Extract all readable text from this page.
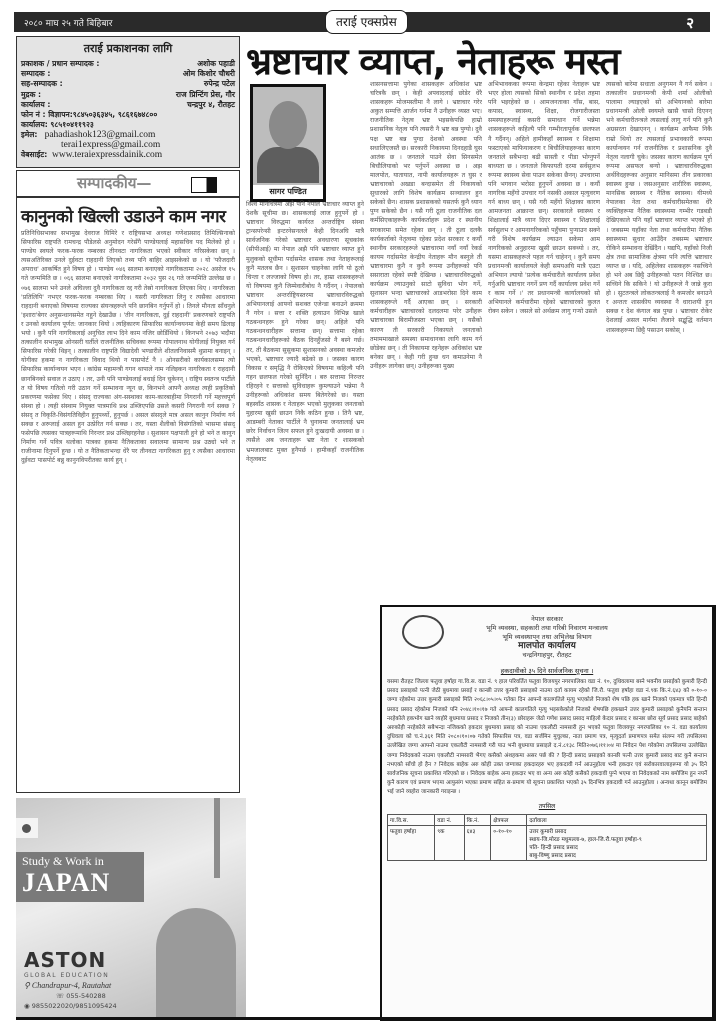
२०८० माघ २५ गते बिहिबार	तराई एक्सप्रेस	२
तराई प्रकाशनका लागि
प्रकाशक / प्रधान सम्पादक :	अशोक पहाडी
सम्पादक :	ओम किशोर चौधरी
सह-सम्पादक :	रुपेन्द्र पटेल
मुद्रक :	राज प्रिन्टिंग प्रेस, गौर
कार्यालय :	चन्द्रपुर ४, रौतहट
फोन नं : विज्ञापन:९८४५०३६३४५, ९८६१६७४८००
कार्यालय: ९८५१०४११९२३
इमेल: pahadiashok123@gmail.com
terai1express@gmail.com
वेबसाईट: www.teraiexpressdainik.com
सम्पादकीय—
कानुनको खिल्ली उडाउने काम नगर
प्रतिनिधिसभाका सभामुख देवराज घिमिरे र राष्ट्रियसभा अध्यक्ष गणेशप्रसाद तिमिल्सिनाको सिफारिस राष्ट्रपति रामचन्द्र पौडेलसे अनुमोदन गरेसँगै पाण्डेयलाई महासचिव पद मिलेको हो । पाण्डेय स्वयले फरक-फरक नम्बरका तीनवटा नागरिकता भएको स्वीकार गरिसकेका छन् । त्यसअतिरिक्त उनले दुईवटा राहदानी लिएको तथ्य पनि बाहिर आइसकेको छ । यो 'फौजदारी अपराध' आकर्षित हुने विषय हो । पाण्डेय ०४६ सालमा बनाएको नागरिकतामा २०२८ असोज १५ गते जन्ममिति छ । ०६६ सालमा बनाएको नागरिकतामा २०३२ पुस २६ गते जन्ममिति उल्लेख छ । ०७६ सालमा भने उनले अघिल्ला दुवै नागरिकता रद्द गरी तेस्रो नागरिकता लिएका थिए । नागरिकता 'प्रतिलिपि' नभएर फरक-फरक नम्बरका थिए । यसरी नागरिकता लिनु र त्यसैका आधारमा राहदानी बनाएको विषयमा राज्यका संयन्त्रहरूले पनि छानबिन गर्नुपर्ने हो । तिनले मौनता साँधनुले 'इशारा'बेगर अनुसन्धानसमेत नहुने देखाउँछ । 'तीन नागरिकता, दुई राहदानी' प्रकरणबारे राष्ट्रपति र उनको कार्यालय पूर्णत: जानकार थियो । त्यहिकारण सिफारिस कार्यान्वयनमा केही समय ढिलाइ भयो । कुनै पनि नागरिकलाई अनुचित लाभ दिने काम नजिर छोडिँथियो । किनभने २०७३ भदौमा तत्कालीन सभामुख ओनसरी घर्तीले राजनीतिक सचिवका रूपमा गोपालनाथ योगीलाई नियुक्त गर्न सिफारिस गरेकी थिइन् । तत्कालीन राष्ट्रपति विद्यादेवी भण्डारीले शीतलनिवासमै थुप्रामा बनाइन् । योगीका हकमा न नागरिकता विवाद थियो न पासपोर्ट नै । ओनसरीको कार्यकालसम्म त्यो सिफारिस कार्यान्वयन भएन । कांग्रेस महामन्त्री गगन थापाले नाम नलिइकन नागरिकता र राहदानी छानबिनको सवाल त उठाए । तर, उनी पनि पाण्डेयलाई बधाई दिन चुकेनन् । राष्ट्रिय स्वतन्त्र पार्टीले त यो विषय गतिलो गरी उठान गर्ने सम्भावना न्यून छ, किनभने आफ्नै अध्यक्ष त्यही प्रकृतिको प्रकरणमा फसेका थिए । संसद् राज्यका अंग-सस्थाका काम-कारबाहीमा निगरानी गर्ने महत्त्वपूर्ण संस्था हो । त्यही संस्थाम नियुक्त पात्रमाथि प्रश्न उब्जिएपछि उसले कसरी निगरानी गर्न सक्छ ? संसद् त विकृति-विसंगतिविहीन हुनुपर्थ्यो, हुनुपर्छ । असल संसद्ले मात्र असल कानुन निर्माण गर्न सक्छ र अरूलाई असल हुन उत्प्रेरित गर्न सक्छ । तर, यस्ता शैलीको विसंगतिको भासमा संसद् फसेपछि त्यसका पात्रहरूमाथि निरन्तर प्रश्न उब्जिइरहनेछ । सुशासन पक्षपाती हुने हो भने त कानुन निर्माण गर्ने पवित्र थलोका पात्रका हकमा नैतिकताका सवालमा सामान्य प्रश्न उठ्यो भने त राजीनामा दिनुपर्ने हुन्छ । यो त नैतिकताभन्दा धेरै पर तीनवटा नागरिकता हुनु र त्यसैका आधारमा दुईवटा पासपोर्ट बन्नु कानुनविपरीतका कार्य हुन् ।
Study & Work in
JAPAN
ASTON
GLOBAL EDUCATION
⚲ Chandrapur-4, Rautahat
☏ 055-540288
◉ 9855022020/9851095424
भ्रष्टाचार व्याप्त, नेताहरू मस्त
सागर पण्डित
विश्व मानचित्रमा अझै पनि नेपाल भ्रष्टाचार व्याप्त हुने देशकै सूचीमा छ। शासकलाई लाज हुनुपर्ने हो । भ्रष्टाचार विरुद्धमा कार्यरत अन्तर्राष्ट्रिय संस्था ट्रान्सपरेन्सी इन्टरनेसनलले केही दिनअघि मात्रै सार्वजनिक गरेको भ्रष्टाचार अवधारणा सूचकांक (सीपीआई) मा नेपाल अझै पनि भ्रष्टाचार व्याप्त हुने मुलुकको सूचीमा पर्दासमेत शासक तथा नेताहरूलाई कुनै मतलब छैन । सुशासन चाहनेका लागि यो ठूलो चिन्ता र लज्जाको विषय हो। तर, हाम्रा शासकहरूले यो विषयमा कुनै जिम्मेवारीबोध नै गर्दैनन् । नेपालको भ्रष्टाचार अन्तर्राष्ट्रियस्तरमा भ्रष्टाचारविरुद्धको अभियानलाई आफ्नो सशक्त एजेन्डा बनाउने क्रममा नै गरेन । सत्ता र शक्ति हत्याउन विभिन्न खाले गठबन्धनहरू हुने गरेका छन्। अहिले पनि गठबन्धनधारीहरू सत्तामा छन्। सत्तामा रहेका गठबन्धनधारीहरूको बैठक दिनहुँजसो नै बस्ने गर्छ। तर, ती बैठकमा सुसुकमा सुशासनको अवस्था कमजोर भएको, भ्रष्टाचार ज्यादै बढेको छ । जसका कारण विकास र समृद्धि नै रोकिएको विषयमा कहिल्यै पनि गहन छलफल गरेको सुनिँदैन । बरु सत्तामा निरन्तर रहिरहने र सत्ताको सुविधाहरू कुम्ल्याउने भन्नेमा नै उनीहरूको अधिकांश समय बितेगरेको छ। यस्ता बहस्वाँठ शासक र नेताहरू भएको मुलुकका जनताको मुहारमा खुसी छाउन निकै कठिन हुन्छ । तिनै भ्रष्ट, आडम्बरी नेताका पार्टीले नै चुनावमा जनतालाई भ्रम छरेर निर्वाचन जित्न सफल हुने दुःखदायी अवस्था छ । त्यसैले अब जनताहरू भ्रष्ट नेता र शासकको भ्रमजालबाट मुक्त हुनैपर्छ । हामीकहाँ राजनीतिक नेतृत्वबाट
शासनसत्तामा पुगेका शासकहरू अधिकांश भ्रष्ट चरित्रकै छन् । केही अपवादलाई छोडेर धेरै शासकहरू मोजमस्तीमा नै लागे । भ्रष्टाचार गरेर अकुत सम्पत्ति आर्जन गर्नमा नै उनीहरू व्यस्त भए। राजनीतिक नेतृत्व भ्रष्ट भइसकेपछि हाम्रो प्रशासनिक नेतृत्व पनि त्यसरी नै भ्रष्ट बन्न पुग्यो। दुवै पक्ष भ्रष्ट बन्न पुग्दा देशको अवस्था पनि सधालिएजस्तै छ। सरकारी निकायमा दिनदहाडै घुस आतंक छ । जनताले पाउने सेवा सिनसमेत बिचौलियाको भर पर्नुपर्ने अवस्था छ । अझ मालपोत, यातायात, नापी कार्यालयहरू त घुस र भ्रष्टाचारको अखडा बन्दासमेत ती निकायको सुधारको लागि विशेष कार्यक्रम सञ्चालन हुन सकेको छैन। शासक प्रशासकको यसतर्फ कुनै ध्यान पुग्न सकेको छैन । यसै गरी ठूला राजनीतिक दल कर्मसिएकाहरूकै कार्यकर्ताहरू प्रदेश र स्थानीय सरकारमा समेत रहेका छन् । ती ठूला दलकै कार्यकर्ताको नेतृत्वमा रहेका प्रदेश सरकार र कयौं स्थानीय सरकारहरूले भ्रष्टाचारमा नयाँ नयाँ रेकर्ड कायम गर्दासमेत केन्द्रीय नेताहरू मौन बस्नुले ती भ्रष्टाचारमा कुनै न कुनै रूपमा उनीहरूको पनि ससाराता रहेको स्पष्टै देखिन्छ । भ्रष्टाचारविरुद्धको कार्यक्रम ल्याउनुको साटो सुविधा भोग गर्ने, सुशासन भन्दा भ्रष्टाचारको आडभरोसा दिने काम शासकहरूले गर्दै आएका छन् । सरकारी कर्मचारीहरू भ्रष्टाचारको दलदलमा परेर उनीहरू भ्रष्टाचारका बिरामीजस्ता भएका छन् । यसैको कारण ती सरकारी निकायले जनताको तमाममाखाले समस्या समाधानका लागि काम गर्न छोडेका छन् । ती निकायमा रहनेहरू अधिकांश भ्रष्ट बनेका छन् । केही गरी हुन्छ धन कमाउनेमा नै उनीहरू लागेका छन्। उनीहरूका मुख्य
अभिभावकका रूपमा केन्द्रमा रहेका नेताहरू भ्रष्ट भएर होला त्यसको सिको स्थानीय र प्रदेश तहमा पनि भइरहेको छ । आमजनताका गाँस, बास, कपास, स्वास्थ्य, शिक्षा, रोजगारीजस्ता समस्याहरूलाई कसरी समाधान गर्ने भन्नेमा शासकहरूले कहिल्यै पनि गम्भीरतापूर्वक छलफल नै गर्दैनन्। अहिले हामीकहाँ स्वास्थ्य र शिक्षामा फस्टाएको माफियाकरण र बिचौलियाहरूका कारण जनताले सबैभन्दा बढी सास्ती र पीडा भोग्नुपर्ने बाध्यता छ । जनताले किफायती दरमा सर्वसुलभ रूपमा स्वास्थ्य सेवा पाउन सकेका छैनन्। उपचारमा पनि भगवान भरोसा हुनुपर्ने अवस्था छ । कयौं नागरिक महँगो उपचार गर्न नसकी अकाल मृत्युवरण गर्न बाध्य छन् । यसै गरी महँगो शिक्षाका कारण आमजनता आक्रान्त छन्। सरकारले स्वास्थ्य र शिक्षालाई मात्रै ध्यान दिएर स्वास्थ्य र शिक्षालाई सर्वसुलभ र आमनागरिकको पहुँचमा पुऱ्याउन सक्ने गरी विशेष कार्यक्रम ल्याउन सकेमा आम नागरिकको अनुहारमा खुसी छाउन सक्थ्यो । तर, यसमा शासकहरूले पहल गर्न चाहेनन् । कुनै समय प्रधानमन्त्री कार्यालयले केही समयअघि मात्रै एउटा अभियान ल्यायो 'प्रत्येक कर्मचारीले कार्यालय प्रवेश गर्नुअघि भ्रष्टाचार नगर्ने प्रण गर्दै कार्यालय प्रवेश गर्ने र काम गर्ने ।' तर प्रधानमन्त्री कार्यालयको सो अभियानले कर्मचारीमा रहेको भ्रष्टाचारको कुलत रोक्न सकेन । जसले सो अर्थक्रम लागु गऱ्यो उसले
त्यसको बारेमा सधाता अनुगमन नै गर्न सकेन । तत्कालीन प्रधानमन्त्री केपी शर्मा ओलीको पालामा ल्याइएको सो अभियानको बारेमा प्रधानमन्त्री ओली स्वयम्ले खासै चासो दिएनन् भने कर्मचारीतन्त्रले त्यसलाई लागु गर्न पनि कुनै अग्रसरता देखाएनन् । कार्यक्रम आफैमा निकै राम्रो थियो तर त्यसलाई प्रभावकारी रूपमा कार्यान्वयन गर्न राजनीतिक र प्रशासनिक दुवै नेतृत्व नलागी चुके। जसका कारण कार्यक्रम पूर्ण रूपमा असफल बन्यो । भ्रष्टाचारविरुद्धका अर्थविदहरूका अनुसार मानिसमा तीन प्रकारका स्वास्थ्य हुन्छ । जसअनुसार शारीरिक स्वास्थ्य, मानसिक स्वास्थ्य र नैतिक स्वास्थ्य। यीमध्ये नेपालका नेता तथा कर्मचारीसमेतका धेरै व्यक्तिहरूमा नैतिक स्वास्थ्यमा गम्भीर गडबडी देखिएकाले पनि यहाँ भ्रष्टाचार व्याप्त भएको हो । जबसम्म यहाँका नेता तथा कर्मचारीमा नैतिक स्वास्थ्यमा सुधार आउँदैन तबसम्म भ्रष्टाचार रोकिने सम्भावना देखिँदैन । यद्यपि, यहाँको निजी क्षेत्र तथा सामाजिक क्षेत्रमा पनि त्यत्ति भ्रष्टाचार व्याप्त छ । यदि, अहिलेका शासकहरू नसच्चिने हो भने अब छिट्टै उनीहरूको पतन निश्चित छ। सच्चिने कि सकिने ! यो उनीहरूले नै जान्ने कुरा हो । सुटतन्त्रले लोकतन्त्रलाई नै कमजोर बनाउने र अन्ततः शासकीय व्यवस्था नै धाराशयी हुन सक्छ र देश कंगाल बन्न पुग्छ । भ्रष्टाचार रोकेर देशलाई असल मार्गमा लैजाने सद्बुद्धि वर्तमान शासकहरूमा छिट्टै पसाउन सकोस् ।
नेपाल सरकार
भूमि व्यवस्था, सहकारी तथा गरिबी निवारण मन्त्रालय
भूमि व्यवस्थापन तथा अभिलेख विभाग
मालपोत कार्यालय
चन्द्रनिगाहपुर, रौतहट
हकदावीको ३५ दिने सार्वजनिक सूचना ।
यसमा रौतहट जिल्ला फतुवा हर्षाहा गा.वि.स. वडा नं. ९ हाल परिवर्तित फतुवा विजयपुर नगरपालिका वडा नं. १०, दुधिवलामा बस्ने भवनीय प्रसाईको कुमारी हिन्दी प्रसाद प्रसाइको पत्नी जेठी बुधमाया प्रसाई र कान्छी उत्तर कुमारी प्रसाइको नाउमा दर्ता कायम रहेको जि.रौ. फतुवा हर्षाहा वडा नं.९क कि.नं.६४३ को ०-१०-० जग्गा रहेकोमा उत्तर कुमारी प्रसाइको मिति २०६८।०५।०५ गतेका दिन आफ्नो कालगतिले मृत्यु भएकोले निजको शेष पछि हक खाने निजको एकमात्र पति हिन्दी प्रसाद प्रसाद रहेकोमा निजको पनि २०४८।१०।१७ गते आफ्नो कालगतिले मृत्यु भइसकेकोले निजको शेषपछि हकखाने उत्तर कुमारी प्रसाइको कुनैपनि सन्तान नरहेकोले हकभोग खाने व्यहोरे बुधमाया प्रसाद र निजको तीन(३) छोराहरू जेठो गणेश प्रसाद प्रसाद माहिलो केदार प्रसाद र कान्छा छोरा सूर्य प्रसाद प्रसाद बाहेको अरुकोही नरहेकोले सबैभन्दा नजिकको हकदार बुधमाया प्रसाइ को नाउमा एकलौटी नामसारी हुन भएको फतुवा विजयपुर नगरपालिका १० नं. वडा कार्यालय दुधिवला को च.नं.३६१ मिति २०८०।१०।०७ गतेको सिफारिस पत्र, वडा सर्जमिन मुचुल्का, नाता प्रमाण पत्र, मृत्युदर्ता प्रमाणपत्र समेत संलग्न गरी तपसिलमा उल्लेखित जग्गा आफ्नो नाउमा एकलौटी नामसारी गरी पाउ भनी बुधमाया प्रसाइले द.नं.८१३८ मिति२०७६।११।०४ मा निवेदन पेश गरेकोमा तपसिलमा उल्लेखित जग्गा निवेदकको नाउमा एकलौटी नामसारी भैगए कसैको अंशहकमा असर पर्छ की ? हिन्दी प्रसाद प्रसाइको कान्छी पत्नी उत्तर कुमारी प्रसाद बाट कुनै सन्तान नभएको साँचो हो हैन ? निवेदक बाहेक अरु कोही उक्त जग्गाका हकदारहरु भए हकदावी गर्न आउनुहोला भनी हकदार एवं सरोकारवालाहरूमा यो ३५ दिने सार्वजनिक सूचना प्रकाशित गरिएको छ । निवेदक बाहेक अन्य हकदार भए वा अन्य अरु कोही कसैको हकदावी पुग्ने भएमा वा निवेदकको नाम बमोजिम हुन नपर्ने कुनै कारण एवं प्रमाण भएमा आफुसंग भएका प्रमाण सहित स-प्रमाण यो सूचना प्रकाशित भएको ३५ दिनभित्र हकदावी गर्न आउनुहोला । अन्यथा कानून बमोजिम भई जाने व्यहोरा जानकारी गराइन्छ ।
तपसिल
गा.वि.स.	वडा नं.	कि.नं.	क्षेत्रफल	दर्तावाला
फतुवा हर्षाहा	९क	६४३	०-१०-१०	उत्तर कुमारी प्रसाद
स्थाय-जि.मोरङ मधुमल्ला-७, हाल-जि.रौ.फतुवा हर्षाहा-९
पति- हिन्दी प्रसाद प्रसाद
बाबु-विष्णु प्रसाद प्रसाद
